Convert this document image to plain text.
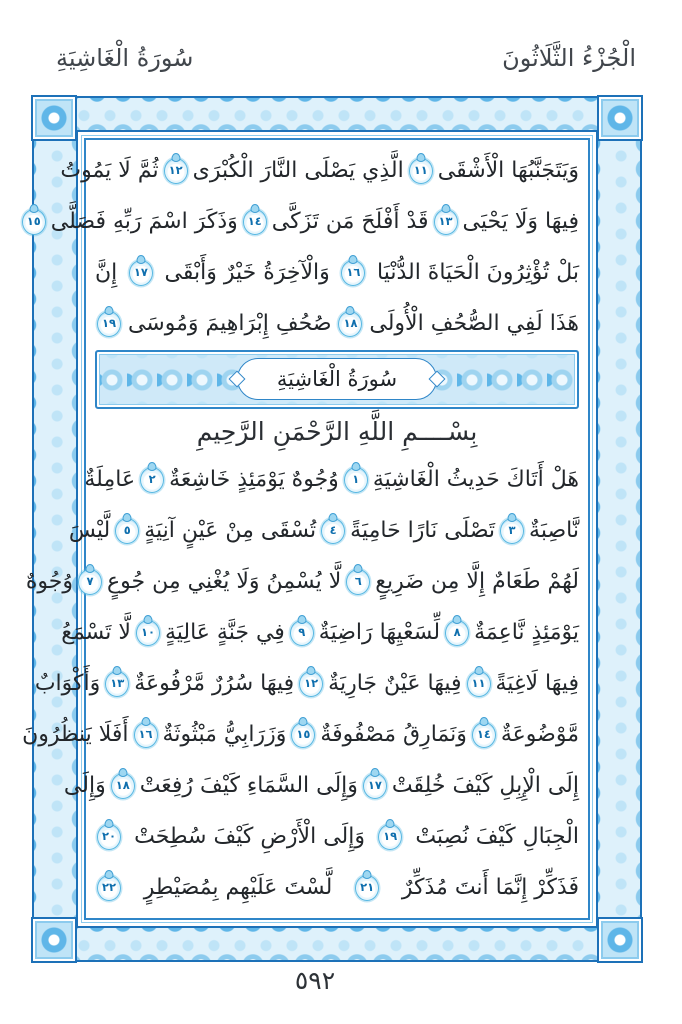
الْجُزْءُ الثَّلَاثُونَ
سُورَةُ الْغَاشِيَةِ
وَيَتَجَنَّبُهَا الْأَشْقَى
١١
الَّذِي يَصْلَى النَّارَ الْكُبْرَى
١٢
ثُمَّ لَا يَمُوتُ
فِيهَا وَلَا يَحْيَى
١٣
قَدْ أَفْلَحَ مَن تَزَكَّى
١٤
وَذَكَرَ اسْمَ رَبِّهِ فَصَلَّى
١٥
بَلْ تُؤْثِرُونَ الْحَيَاةَ الدُّنْيَا
١٦
وَالْآخِرَةُ خَيْرٌ وَأَبْقَى
١٧
إِنَّ
هَذَا لَفِي الصُّحُفِ الْأُولَى
١٨
صُحُفِ إِبْرَاهِيمَ وَمُوسَى
١٩
سُورَةُ الْغَاشِيَةِ
بِسْــــمِ اللَّهِ الرَّحْمَنِ الرَّحِيمِ
هَلْ أَتَاكَ حَدِيثُ الْغَاشِيَةِ
١
وُجُوهٌ يَوْمَئِذٍ خَاشِعَةٌ
٢
عَامِلَةٌ
نَّاصِبَةٌ
٣
تَصْلَى نَارًا حَامِيَةً
٤
تُسْقَى مِنْ عَيْنٍ آنِيَةٍ
٥
لَّيْسَ
لَهُمْ طَعَامٌ إِلَّا مِن ضَرِيعٍ
٦
لَّا يُسْمِنُ وَلَا يُغْنِي مِن جُوعٍ
٧
وُجُوهٌ
يَوْمَئِذٍ نَّاعِمَةٌ
٨
لِّسَعْيِهَا رَاضِيَةٌ
٩
فِي جَنَّةٍ عَالِيَةٍ
١٠
لَّا تَسْمَعُ
فِيهَا لَاغِيَةً
١١
فِيهَا عَيْنٌ جَارِيَةٌ
١٢
فِيهَا سُرُرٌ مَّرْفُوعَةٌ
١٣
وَأَكْوَابٌ
مَّوْضُوعَةٌ
١٤
وَنَمَارِقُ مَصْفُوفَةٌ
١٥
وَزَرَابِيُّ مَبْثُوثَةٌ
١٦
أَفَلَا يَنظُرُونَ
إِلَى الْإِبِلِ كَيْفَ خُلِقَتْ
١٧
وَإِلَى السَّمَاءِ كَيْفَ رُفِعَتْ
١٨
وَإِلَى
الْجِبَالِ كَيْفَ نُصِبَتْ
١٩
وَإِلَى الْأَرْضِ كَيْفَ سُطِحَتْ
٢٠
فَذَكِّرْ إِنَّمَا أَنتَ مُذَكِّرٌ
٢١
لَّسْتَ عَلَيْهِم بِمُصَيْطِرٍ
٢٢
٥٩٢
